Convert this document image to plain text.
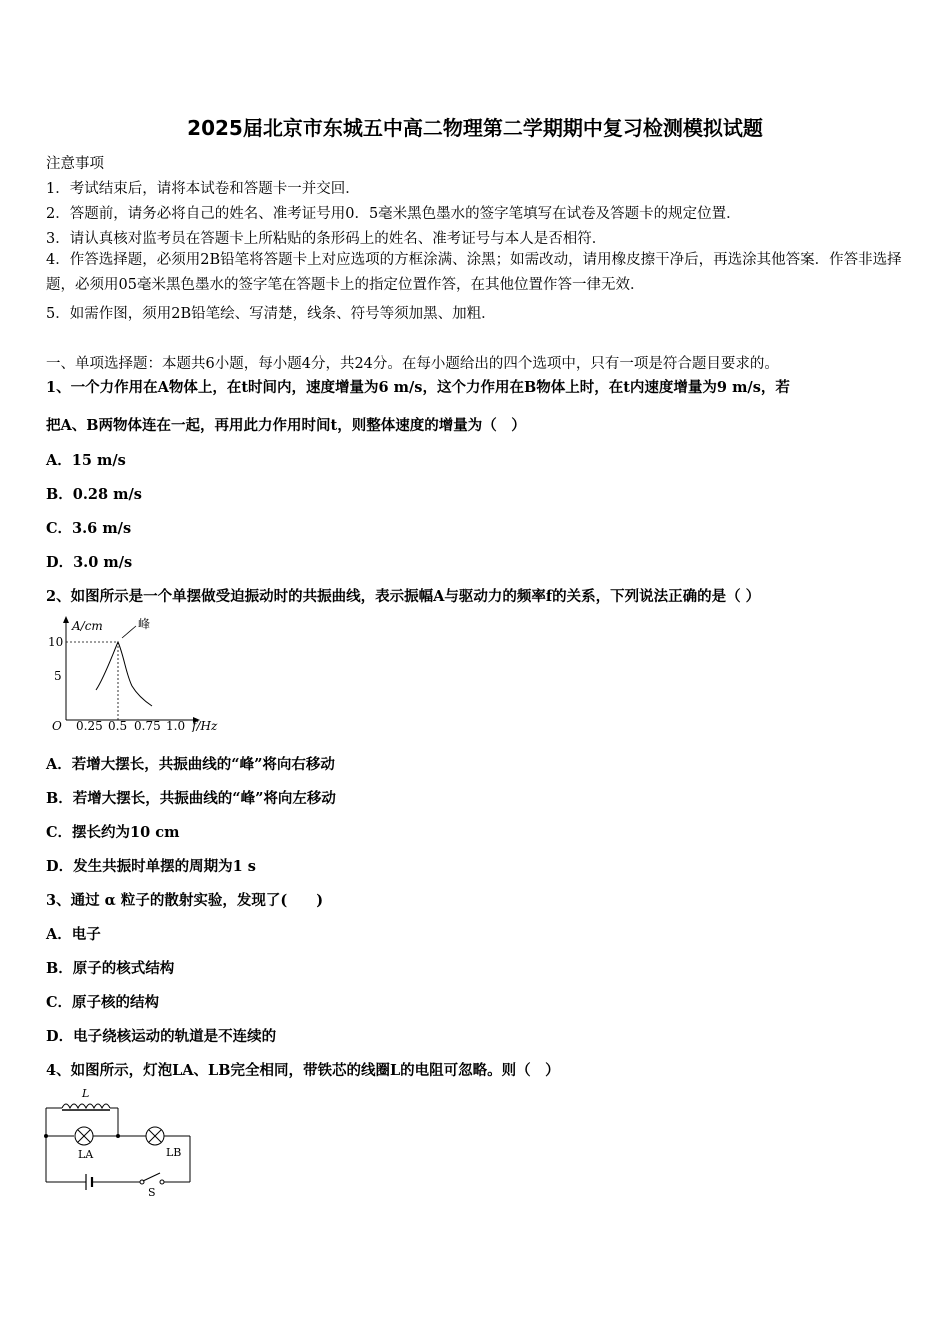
2025届北京市东城五中高二物理第二学期期中复习检测模拟试题
注意事项
1．考试结束后，请将本试卷和答题卡一并交回．
2．答题前，请务必将自己的姓名、准考证号用0．5毫米黑色墨水的签字笔填写在试卷及答题卡的规定位置．
3．请认真核对监考员在答题卡上所粘贴的条形码上的姓名、准考证号与本人是否相符．
4．作答选择题，必须用2B铅笔将答题卡上对应选项的方框涂满、涂黑；如需改动，请用橡皮擦干净后，再选涂其他答案．作答非选择题，必须用05毫米黑色墨水的签字笔在答题卡上的指定位置作答，在其他位置作答一律无效．
5．如需作图，须用2B铅笔绘、写清楚，线条、符号等须加黑、加粗．
一、单项选择题：本题共6小题，每小题4分，共24分。在每小题给出的四个选项中，只有一项是符合题目要求的。
1、一个力作用在A物体上，在t时间内，速度增量为6 m/s，这个力作用在B物体上时，在t内速度增量为9 m/s，若
把A、B两物体连在一起，再用此力作用时间t，则整体速度的增量为（　）
A．15 m/s
B．0.28 m/s
C．3.6 m/s
D．3.0 m/s
2、如图所示是一个单摆做受迫振动时的共振曲线，表示振幅A与驱动力的频率f的关系，下列说法正确的是（ ）
A/cm	峰
10
5
O 0.25 0.5 0.75 1.0 f/Hz
A．若增大摆长，共振曲线的“峰”将向右移动
B．若增大摆长，共振曲线的“峰”将向左移动
C．摆长约为10 cm
D．发生共振时单摆的周期为1 s
3、通过 α 粒子的散射实验，发现了(　　)
A．电子
B．原子的核式结构
C．原子核的结构
D．电子绕核运动的轨道是不连续的
4、如图所示，灯泡LA、LB完全相同，带铁芯的线圈L的电阻可忽略。则（　）
L
LA	LB
S
